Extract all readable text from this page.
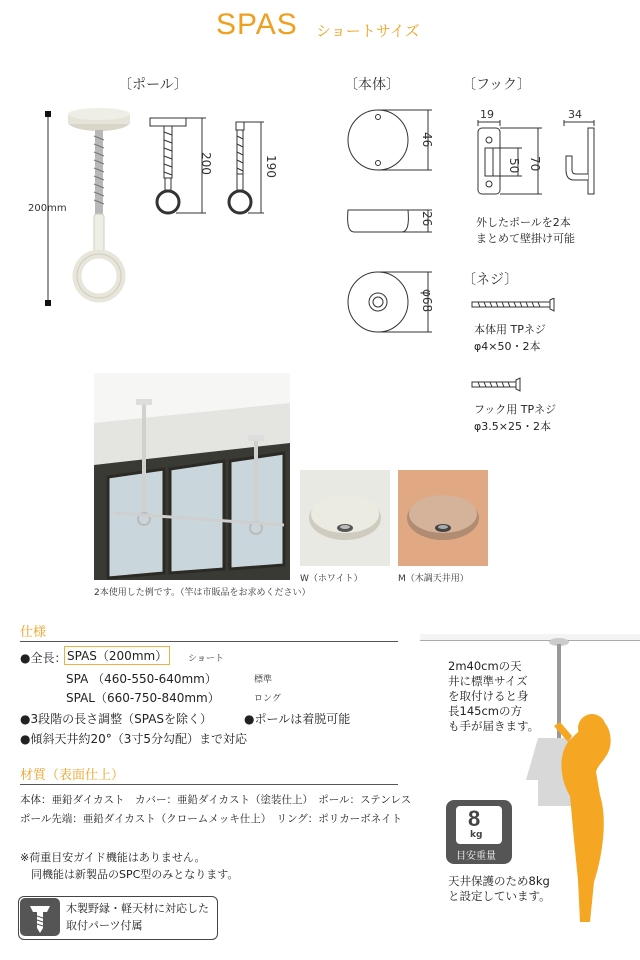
SPAS ショートサイズ
〔ポール〕
200mm
200	190
〔本体〕
46
26
φ68
〔フック〕
19	34
50 70
外したポールを2本
まとめて壁掛け可能
〔ネジ〕
本体用 TPネジ
φ4×50・2本
フック用 TPネジ
φ3.5×25・2本
2本使用した例です。（竿は市販品をお求めください）
W（ホワイト）	M（木調天井用）
仕様
●全長： SPAS（200mm）	ショート
SPA （460-550-640mm）	標準
SPAL（660-750-840mm）	ロング
●3段階の長さ調整（SPASを除く）	●ポールは着脱可能
●傾斜天井約20°（3寸5分勾配）まで対応
材質（表面仕上）
本体：亜鉛ダイカスト　カバー：亜鉛ダイカスト（塗装仕上）　ポール：ステンレス
ポール先端：亜鉛ダイカスト（クロームメッキ仕上）　リング：ポリカーボネイト
※荷重目安ガイド機能はありません。
　同機能は新製品のSPC型のみとなります。
木製野縁・軽天材に対応した
取付パーツ付属
2m40cmの天
井に標準サイズ
を取付けると身
長145cmの方
も手が届きます。
8
kg
目安重量
天井保護のため8kg
と設定しています。
